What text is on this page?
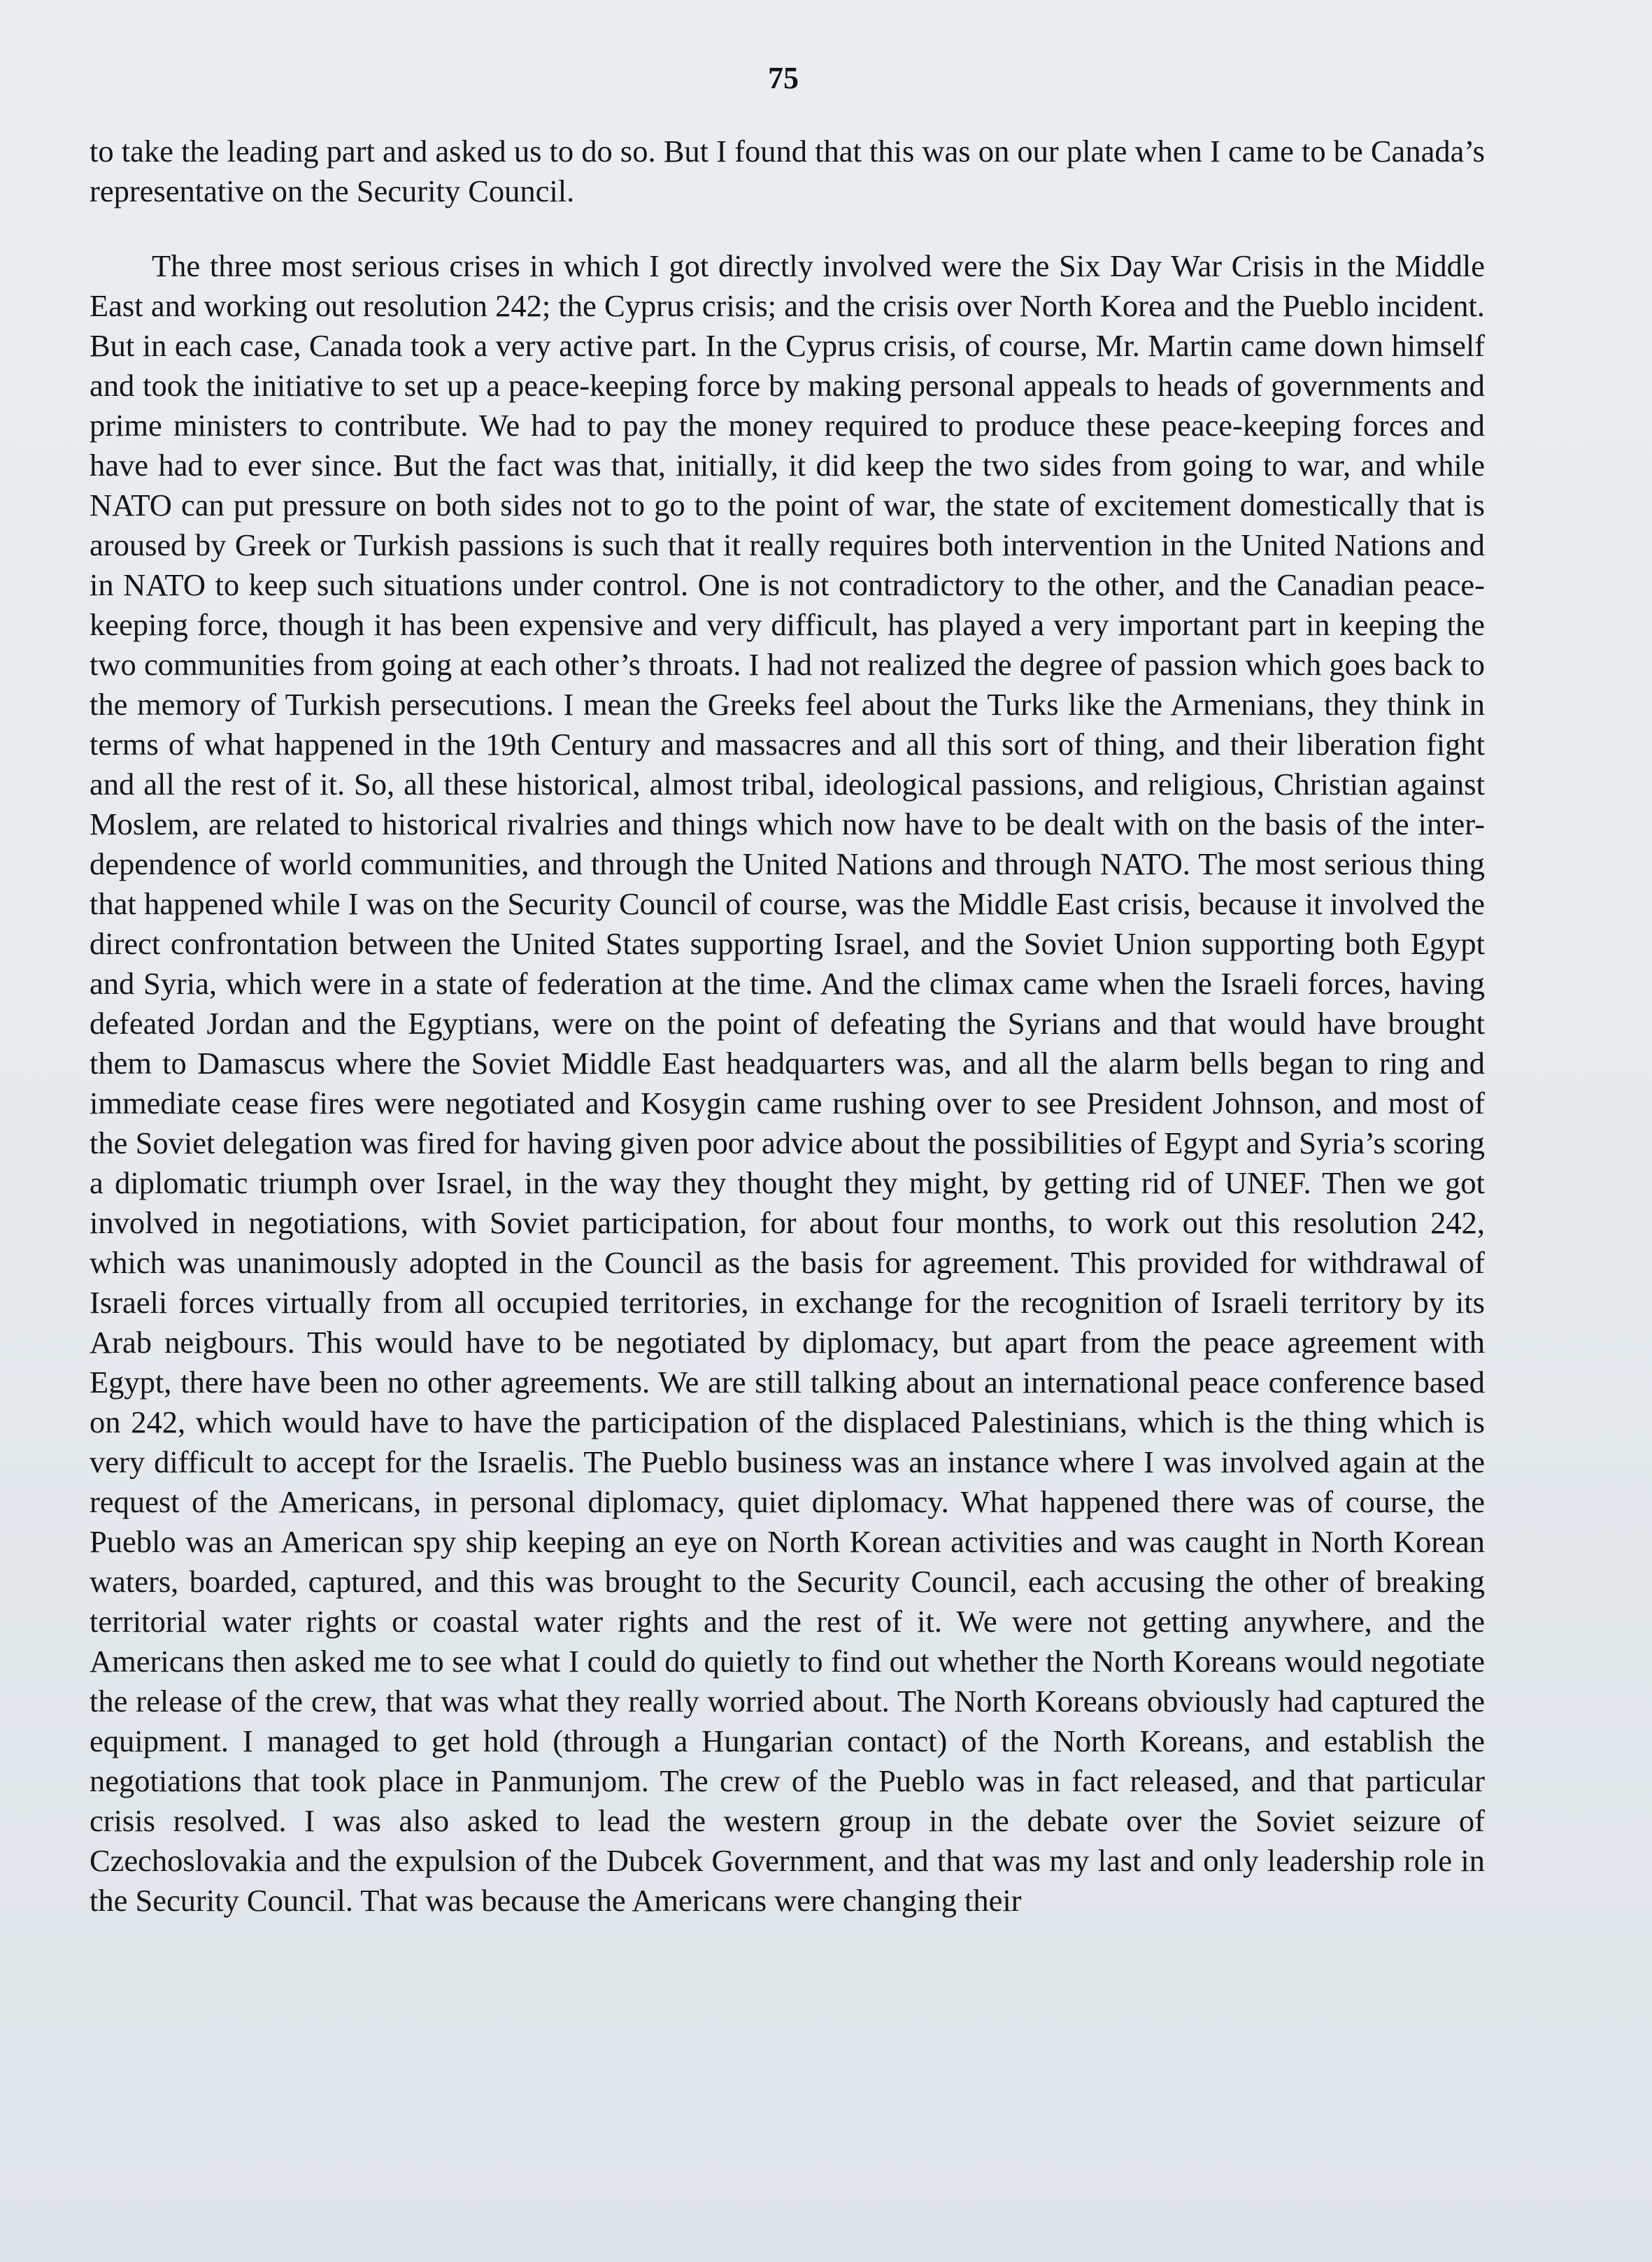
75

to take the leading part and asked us to do so. But I found that this was on our plate when I came to be Canada’s representative on the Security Council.

The three most serious crises in which I got directly involved were the Six Day War Crisis in the Middle East and working out resolution 242; the Cyprus crisis; and the crisis over North Korea and the Pueblo incident. But in each case, Canada took a very active part. In the Cyprus crisis, of course, Mr. Martin came down himself and took the initiative to set up a peace-keeping force by making personal appeals to heads of governments and prime ministers to contribute. We had to pay the money required to produce these peace-keeping forces and have had to ever since. But the fact was that, initially, it did keep the two sides from going to war, and while NATO can put pressure on both sides not to go to the point of war, the state of excitement domestically that is aroused by Greek or Turkish passions is such that it really requires both intervention in the United Nations and in NATO to keep such situations under control. One is not contradictory to the other, and the Canadian peace-keeping force, though it has been expensive and very difficult, has played a very important part in keeping the two communities from going at each other’s throats. I had not realized the degree of passion which goes back to the memory of Turkish persecutions. I mean the Greeks feel about the Turks like the Armenians, they think in terms of what happened in the 19th Century and massacres and all this sort of thing, and their liberation fight and all the rest of it. So, all these historical, almost tribal, ideological passions, and religious, Christian against Moslem, are related to historical rivalries and things which now have to be dealt with on the basis of the inter-dependence of world communities, and through the United Nations and through NATO. The most serious thing that happened while I was on the Security Council of course, was the Middle East crisis, because it involved the direct confrontation between the United States supporting Israel, and the Soviet Union supporting both Egypt and Syria, which were in a state of federation at the time. And the climax came when the Israeli forces, having defeated Jordan and the Egyptians, were on the point of defeating the Syrians and that would have brought them to Damascus where the Soviet Middle East headquarters was, and all the alarm bells began to ring and immediate cease fires were negotiated and Kosygin came rushing over to see President Johnson, and most of the Soviet delegation was fired for having given poor advice about the possibilities of Egypt and Syria’s scoring a diplomatic triumph over Israel, in the way they thought they might, by getting rid of UNEF. Then we got involved in negotiations, with Soviet participation, for about four months, to work out this resolution 242, which was unanimously adopted in the Council as the basis for agreement. This provided for withdrawal of Israeli forces virtually from all occupied territories, in exchange for the recognition of Israeli territory by its Arab neigbours. This would have to be negotiated by diplomacy, but apart from the peace agreement with Egypt, there have been no other agreements. We are still talking about an international peace conference based on 242, which would have to have the participation of the displaced Palestinians, which is the thing which is very difficult to accept for the Israelis. The Pueblo business was an instance where I was involved again at the request of the Americans, in personal diplomacy, quiet diplomacy. What happened there was of course, the Pueblo was an American spy ship keeping an eye on North Korean activities and was caught in North Korean waters, boarded, captured, and this was brought to the Security Council, each accusing the other of breaking territorial water rights or coastal water rights and the rest of it. We were not getting anywhere, and the Americans then asked me to see what I could do quietly to find out whether the North Koreans would negotiate the release of the crew, that was what they really worried about. The North Koreans obviously had captured the equipment. I managed to get hold (through a Hungarian contact) of the North Koreans, and establish the negotiations that took place in Panmunjom. The crew of the Pueblo was in fact released, and that particular crisis resolved. I was also asked to lead the western group in the debate over the Soviet seizure of Czechoslovakia and the expulsion of the Dubcek Government, and that was my last and only leadership role in the Security Council. That was because the Americans were changing their
